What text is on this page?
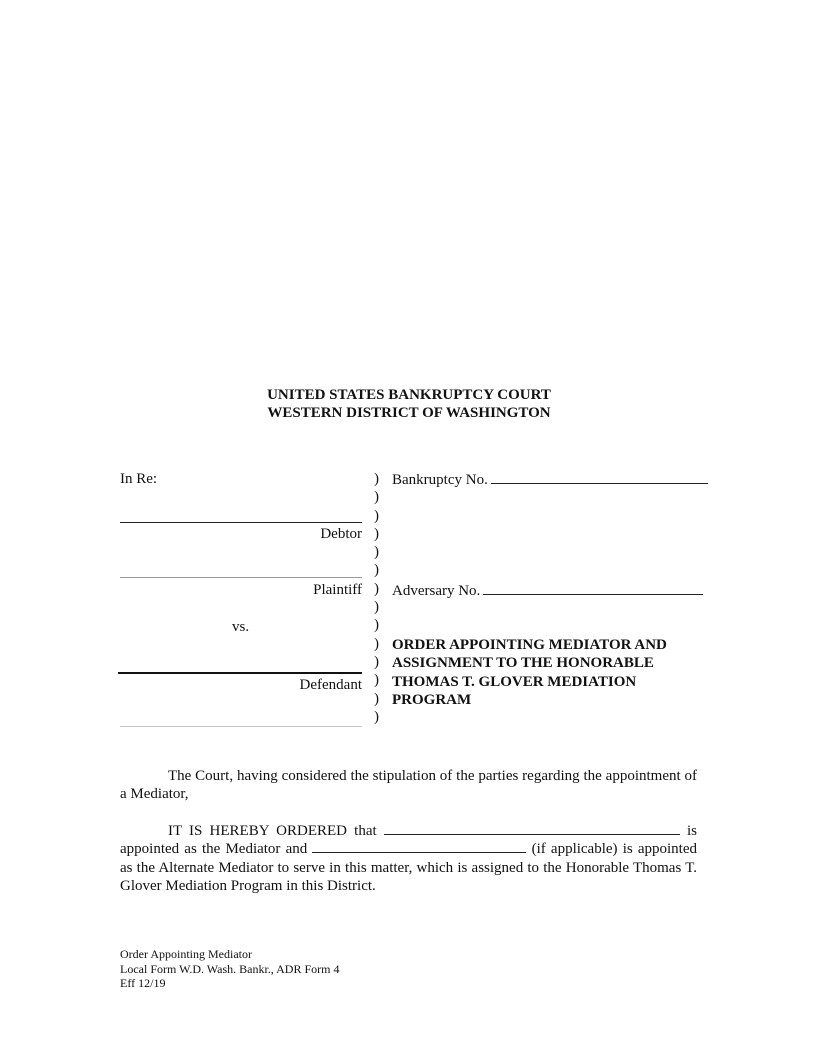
UNITED STATES BANKRUPTCY COURT
WESTERN DISTRICT OF WASHINGTON
In Re:
Debtor
Plaintiff
vs.
Defendant
)
)
)
)
)
)
)
)
)
)
)
)
)
)
Bankruptcy No.
Adversary No.
ORDER APPOINTING MEDIATOR AND
ASSIGNMENT TO THE HONORABLE
THOMAS T. GLOVER MEDIATION
PROGRAM

The Court, having considered the stipulation of the parties regarding the appointment of a Mediator,

IT IS HEREBY ORDERED that	is appointed as the Mediator and	(if applicable) is appointed as the Alternate Mediator to serve in this matter, which is assigned to the Honorable Thomas T. Glover Mediation Program in this District.

Order Appointing Mediator
Local Form W.D. Wash. Bankr., ADR Form 4
Eff 12/19
